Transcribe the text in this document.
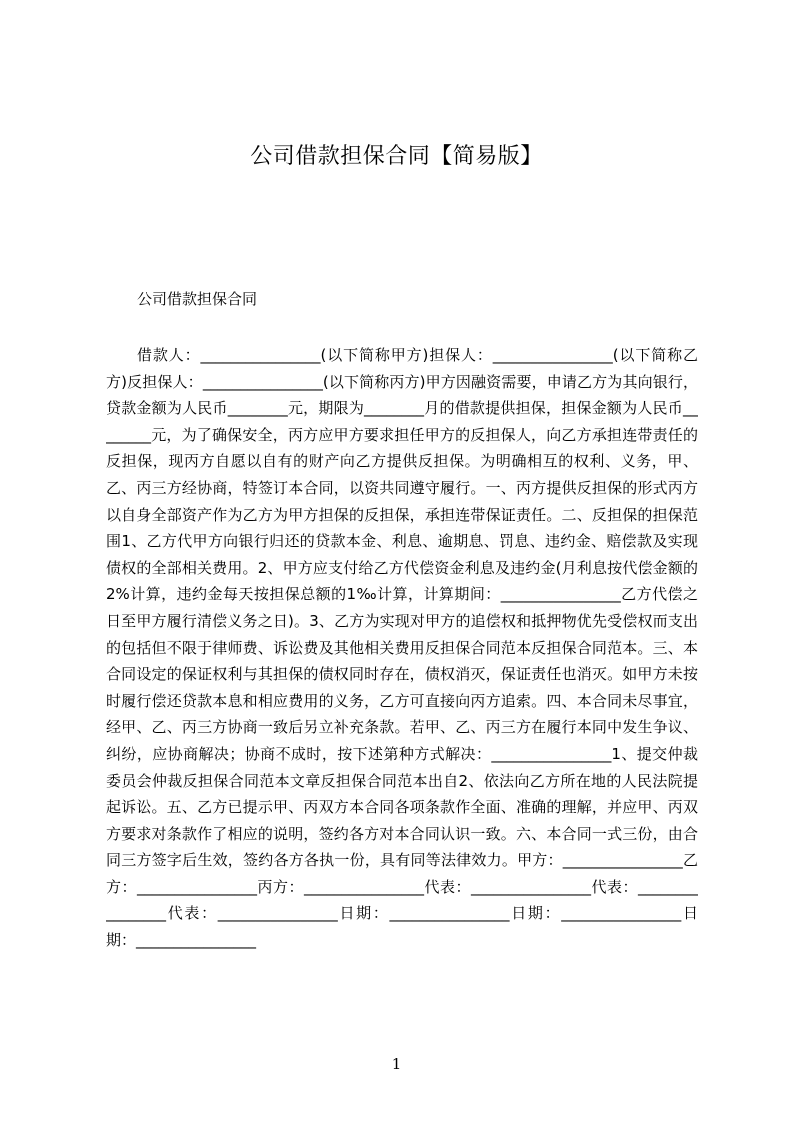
公司借款担保合同【简易版】
公司借款担保合同
借款人：________________(以下简称甲方)担保人：________________(以下简称乙方)反担保人：________________(以下简称丙方)甲方因融资需要，申请乙方为其向银行，贷款金额为人民币________元，期限为________月的借款提供担保，担保金额为人民币________元，为了确保安全，丙方应甲方要求担任甲方的反担保人，向乙方承担连带责任的反担保，现丙方自愿以自有的财产向乙方提供反担保。为明确相互的权利、义务，甲、乙、丙三方经协商，特签订本合同，以资共同遵守履行。一、丙方提供反担保的形式丙方以自身全部资产作为乙方为甲方担保的反担保，承担连带保证责任。二、反担保的担保范围1、乙方代甲方向银行归还的贷款本金、利息、逾期息、罚息、违约金、赔偿款及实现债权的全部相关费用。2、甲方应支付给乙方代偿资金利息及违约金(月利息按代偿金额的2%计算，违约金每天按担保总额的1‰计算，计算期间：________________乙方代偿之日至甲方履行清偿义务之日)。3、乙方为实现对甲方的追偿权和抵押物优先受偿权而支出的包括但不限于律师费、诉讼费及其他相关费用反担保合同范本反担保合同范本。三、本合同设定的保证权利与其担保的债权同时存在，债权消灭，保证责任也消灭。如甲方未按时履行偿还贷款本息和相应费用的义务，乙方可直接向丙方追索。四、本合同未尽事宜，经甲、乙、丙三方协商一致后另立补充条款。若甲、乙、丙三方在履行本同中发生争议、纠纷，应协商解决；协商不成时，按下述第种方式解决：________________1、提交仲裁委员会仲裁反担保合同范本文章反担保合同范本出自2、依法向乙方所在地的人民法院提起诉讼。五、乙方已提示甲、丙双方本合同各项条款作全面、准确的理解，并应甲、丙双方要求对条款作了相应的说明，签约各方对本合同认识一致。六、本合同一式三份，由合同三方签字后生效，签约各方各执一份，具有同等法律效力。甲方：________________乙方：________________丙方：________________代表：________________代表：________________代表：________________日期：________________日期：________________日期：________________
1
